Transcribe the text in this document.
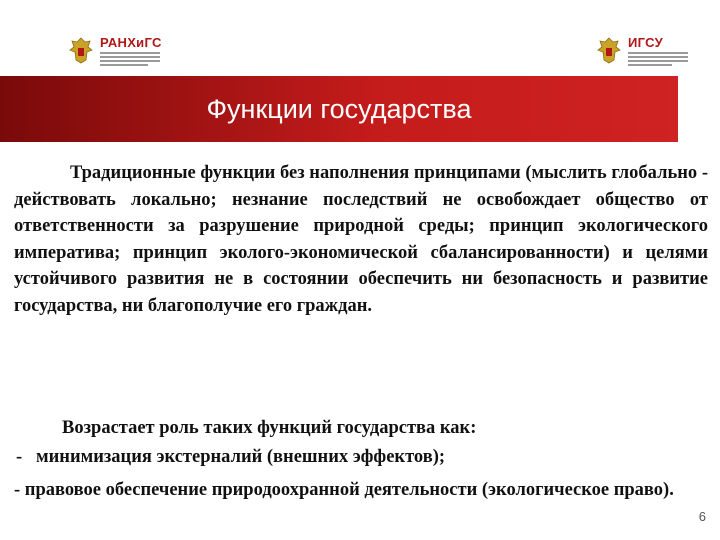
РАНХиГС	ИГСУ
Функции государства

Традиционные функции без наполнения принципами (мыслить глобально - действовать локально; незнание последствий не освобождает общество от ответственности за разрушение природной среды; принцип экологического императива; принцип эколого-экономической сбалансированности) и целями устойчивого развития не в состоянии обеспечить ни безопасность и развитие государства, ни благополучие его граждан.

Возрастает роль таких функций государства как:
-   минимизация экстерналий (внешних эффектов);
- правовое обеспечение природоохранной деятельности (экологическое право).
6
